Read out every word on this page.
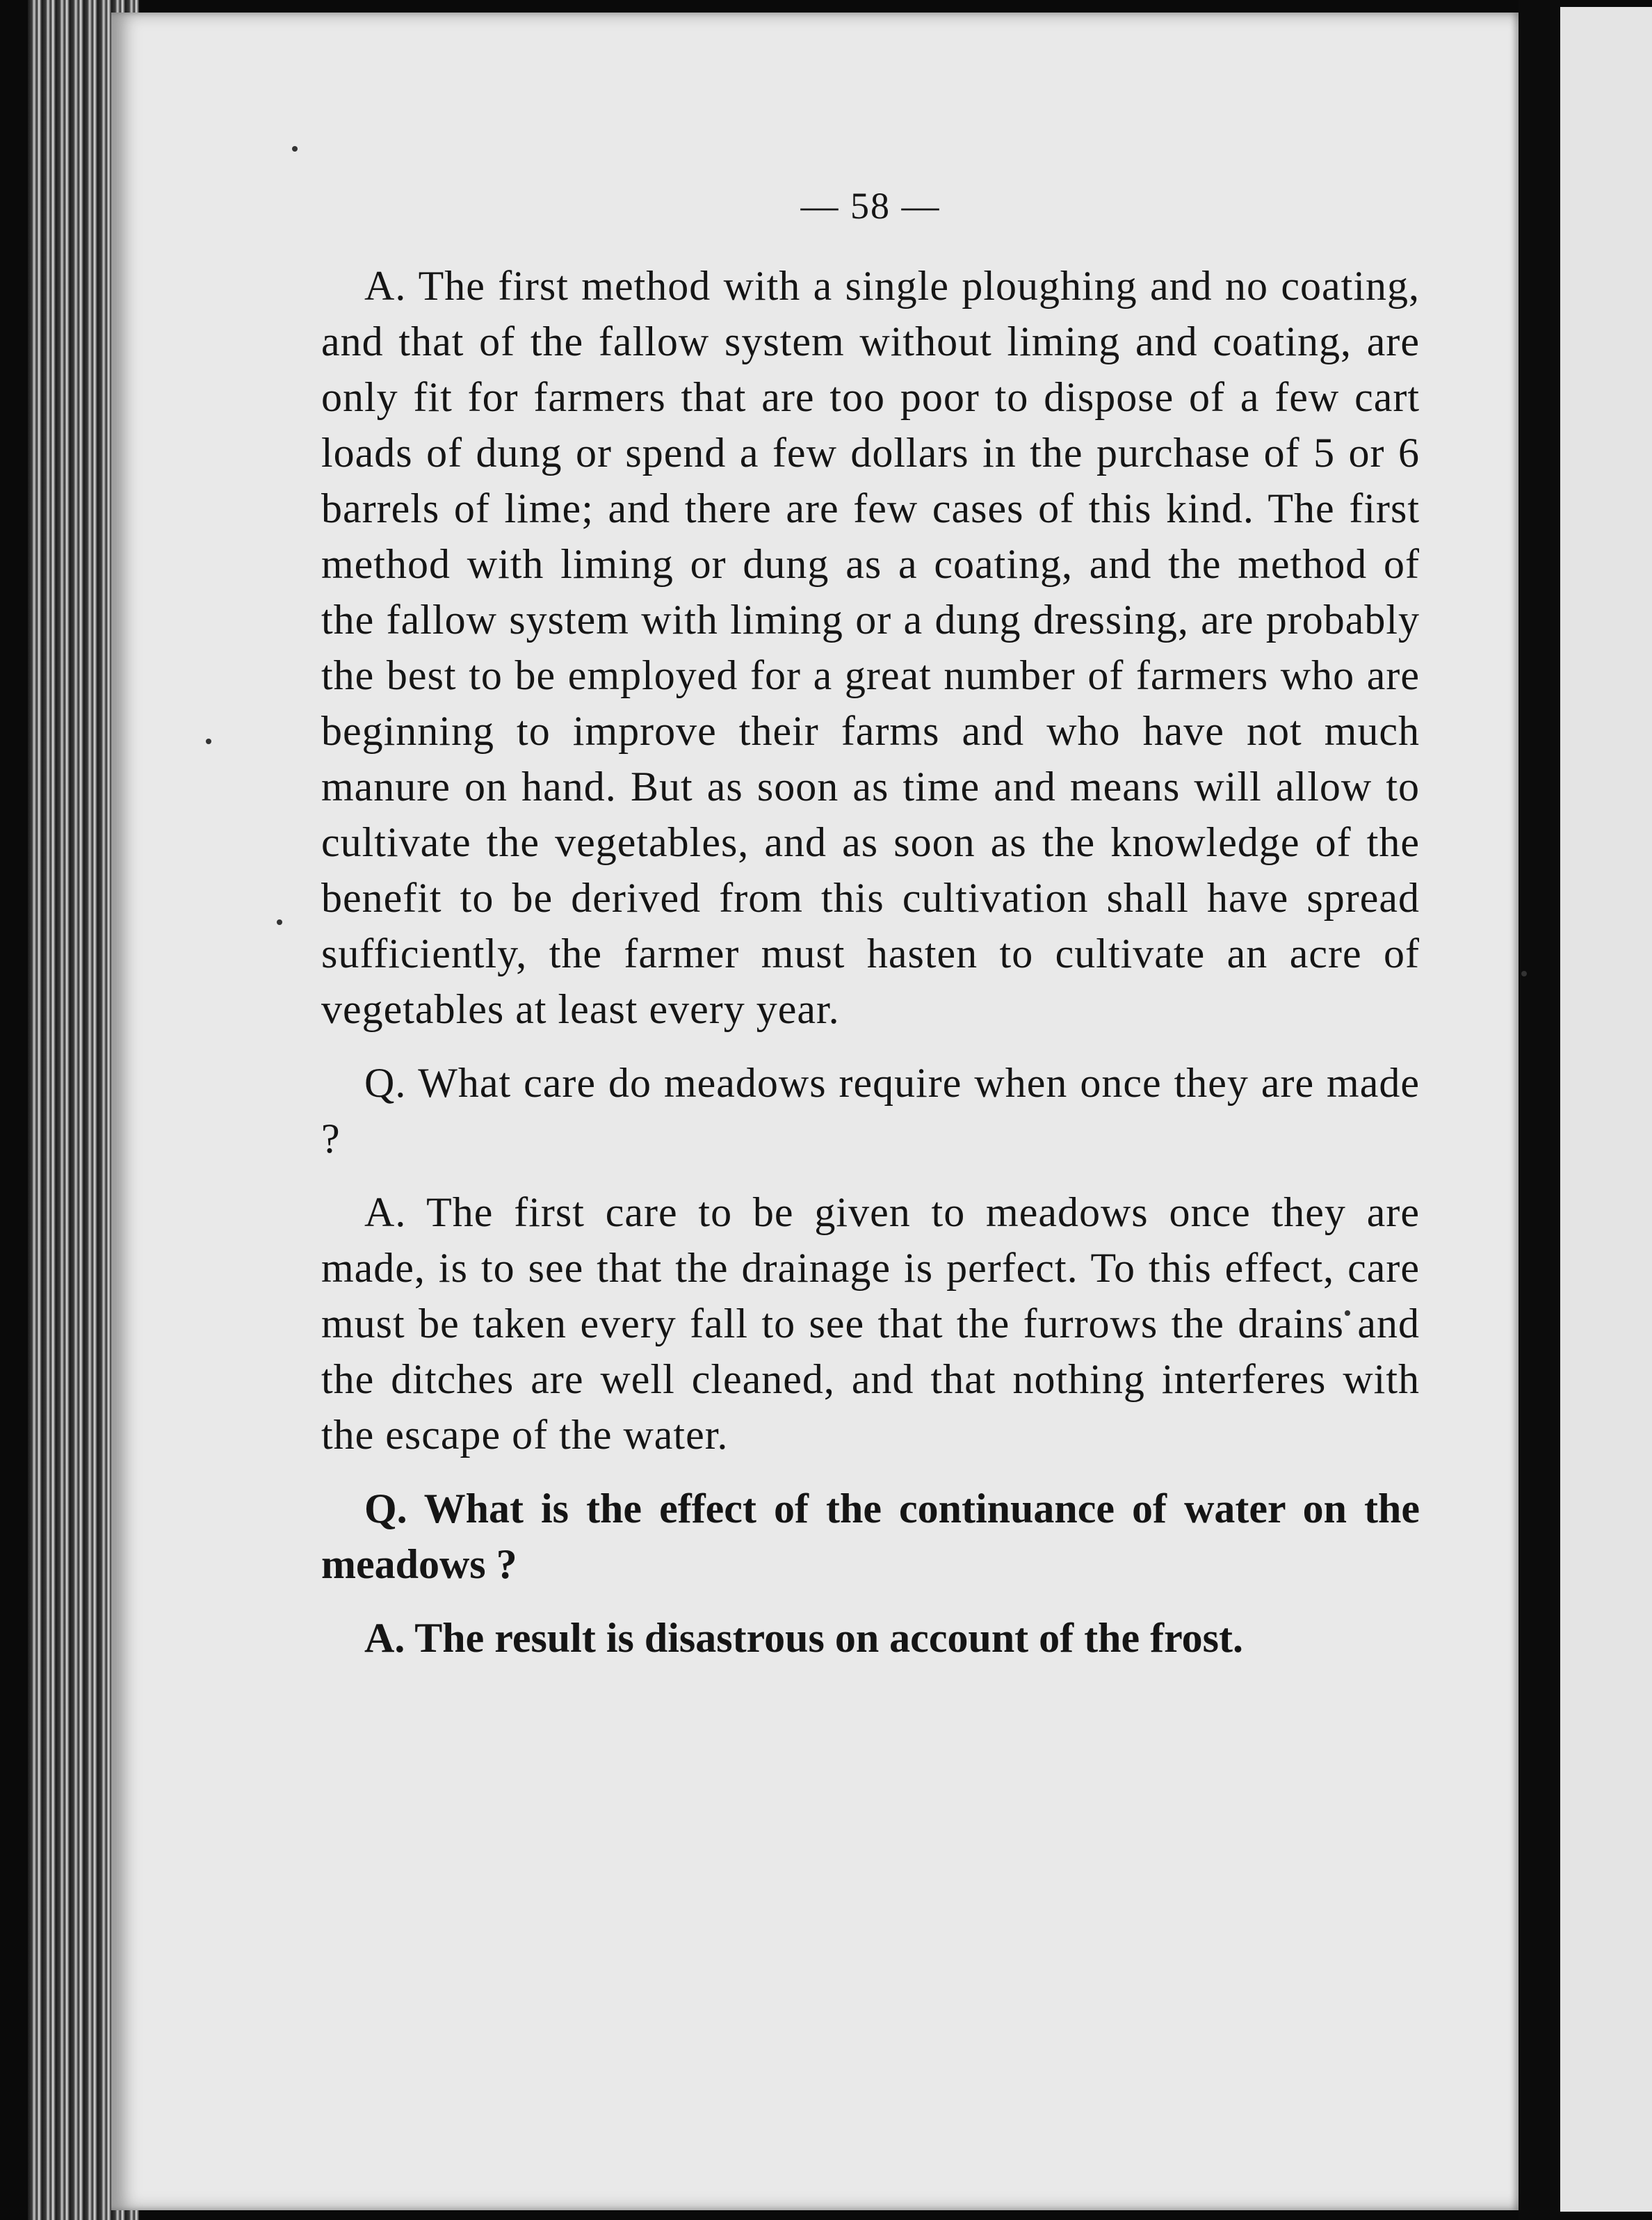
— 58 —

A. The first method with a single ploughing and no coating, and that of the fallow system without liming and coating, are only fit for farmers that are too poor to dispose of a few cart loads of dung or spend a few dollars in the purchase of 5 or 6 barrels of lime; and there are few cases of this kind. The first method with liming or dung as a coating, and the method of the fallow system with liming or a dung dressing, are probably the best to be employed for a great number of farmers who are beginning to improve their farms and who have not much manure on hand. But as soon as time and means will allow to cultivate the vegetables, and as soon as the knowledge of the benefit to be derived from this cultivation shall have spread sufficiently, the farmer must hasten to cultivate an acre of vegetables at least every year.

Q. What care do meadows require when once they are made ?

A. The first care to be given to meadows once they are made, is to see that the drainage is perfect. To this effect, care must be taken every fall to see that the furrows the drains and the ditches are well cleaned, and that nothing interferes with the escape of the water.

Q. What is the effect of the continuance of water on the meadows ?

A. The result is disastrous on account of the frost.
